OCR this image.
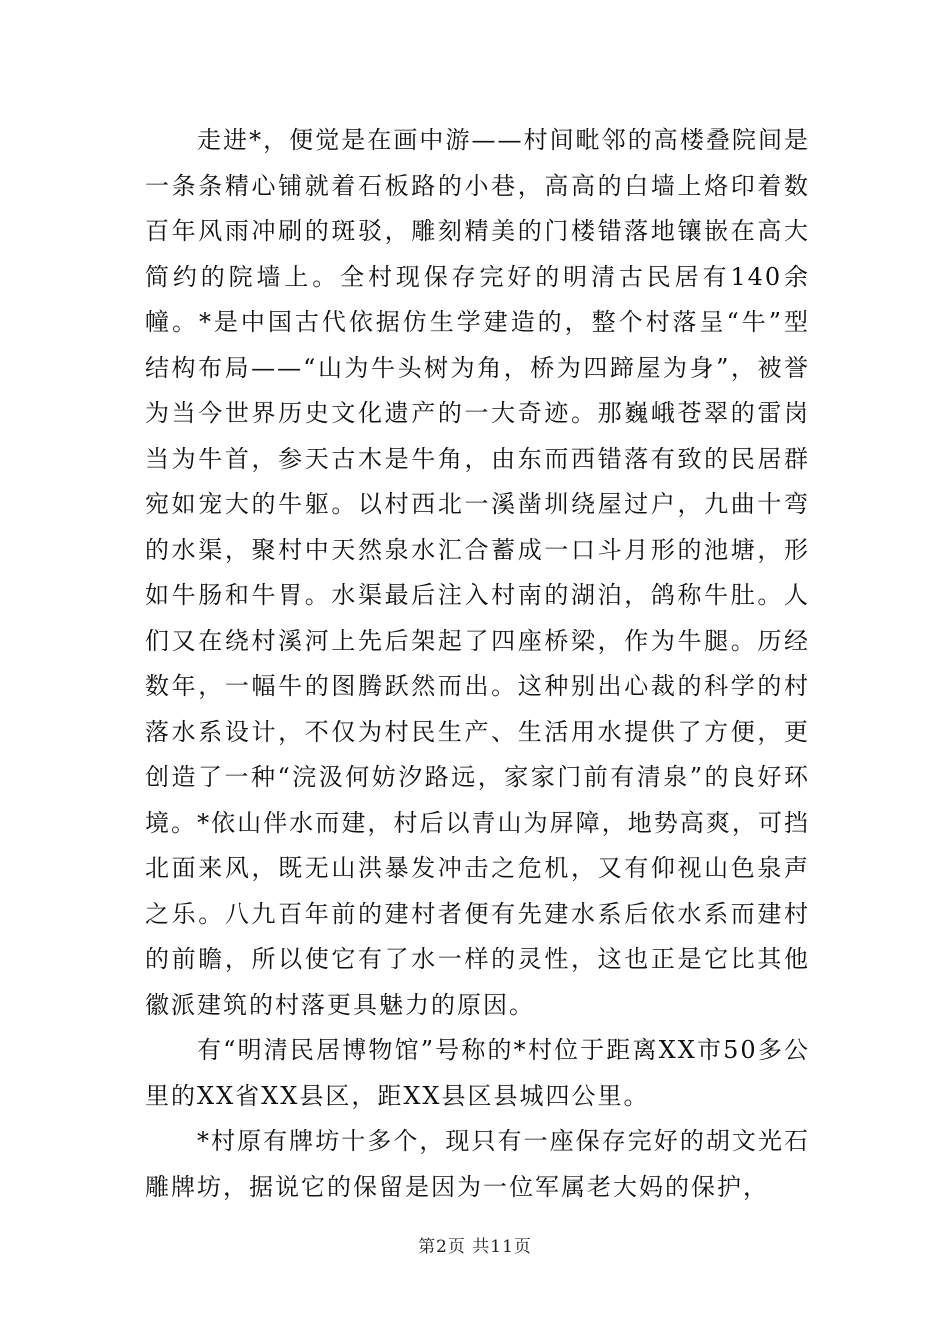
走进*，便觉是在画中游——村间毗邻的高楼叠院间是一条条精心铺就着石板路的小巷，高高的白墙上烙印着数百年风雨冲刷的斑驳，雕刻精美的门楼错落地镶嵌在高大简约的院墙上。全村现保存完好的明清古民居有140余幢。*是中国古代依据仿生学建造的，整个村落呈“牛”型结构布局——“山为牛头树为角，桥为四蹄屋为身”，被誉为当今世界历史文化遗产的一大奇迹。那巍峨苍翠的雷岗当为牛首，参天古木是牛角，由东而西错落有致的民居群宛如宠大的牛躯。以村西北一溪凿圳绕屋过户，九曲十弯的水渠，聚村中天然泉水汇合蓄成一口斗月形的池塘，形如牛肠和牛胃。水渠最后注入村南的湖泊，鸽称牛肚。人们又在绕村溪河上先后架起了四座桥梁，作为牛腿。历经数年，一幅牛的图腾跃然而出。这种别出心裁的科学的村落水系设计，不仅为村民生产、生活用水提供了方便，更创造了一种“浣汲何妨汐路远，家家门前有清泉”的良好环境。*依山伴水而建，村后以青山为屏障，地势高爽，可挡北面来风，既无山洪暴发冲击之危机，又有仰视山色泉声之乐。八九百年前的建村者便有先建水系后依水系而建村的前瞻，所以使它有了水一样的灵性，这也正是它比其他徽派建筑的村落更具魅力的原因。

有“明清民居博物馆”号称的*村位于距离XX市50多公里的XX省XX县区，距XX县区县城四公里。

*村原有牌坊十多个，现只有一座保存完好的胡文光石雕牌坊，据说它的保留是因为一位军属老大妈的保护，

第2页 共11页
